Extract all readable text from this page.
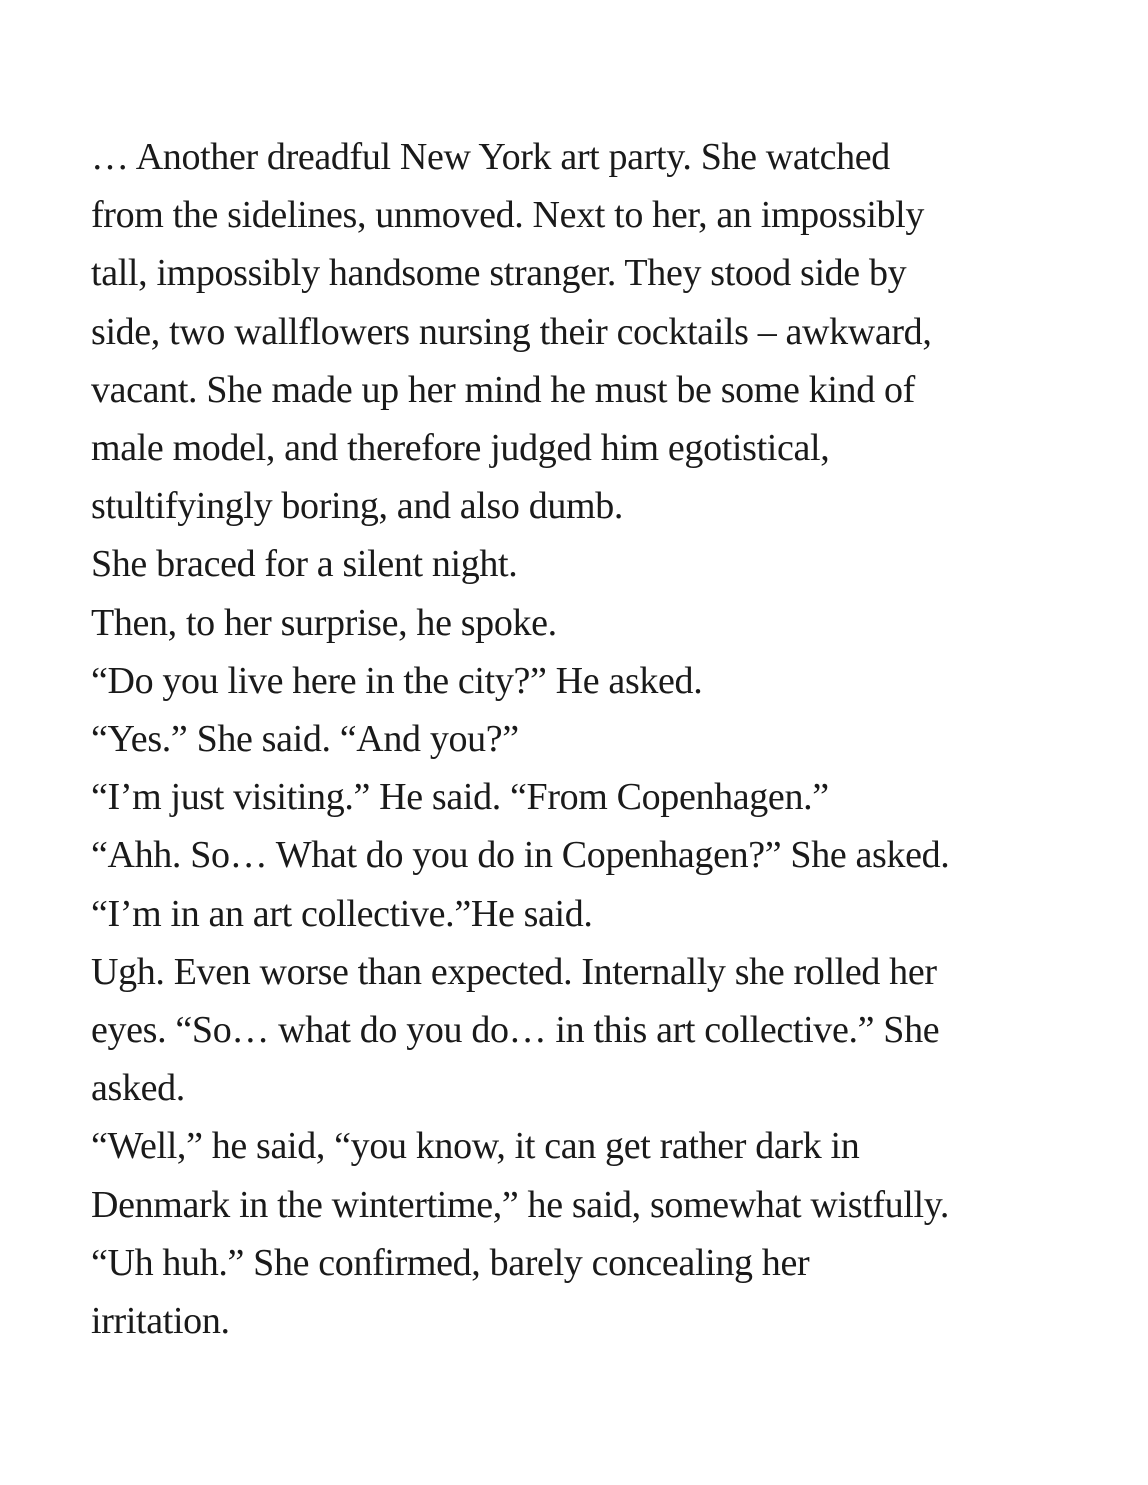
… Another dreadful New York art party. She watched
from the sidelines, unmoved. Next to her, an impossibly
tall, impossibly handsome stranger. They stood side by
side, two wallflowers nursing their cocktails – awkward,
vacant. She made up her mind he must be some kind of
male model, and therefore judged him egotistical,
stultifyingly boring, and also dumb.

She braced for a silent night.

Then, to her surprise, he spoke.

“Do you live here in the city?” He asked.

“Yes.” She said. “And you?”

“I’m just visiting.” He said. “From Copenhagen.”

“Ahh. So… What do you do in Copenhagen?” She asked.

“I’m in an art collective.”He said.

Ugh. Even worse than expected. Internally she rolled her
eyes. “So… what do you do… in this art collective.” She
asked.

“Well,” he said, “you know, it can get rather dark in
Denmark in the wintertime,” he said, somewhat wistfully.

“Uh huh.” She confirmed, barely concealing her
irritation.
